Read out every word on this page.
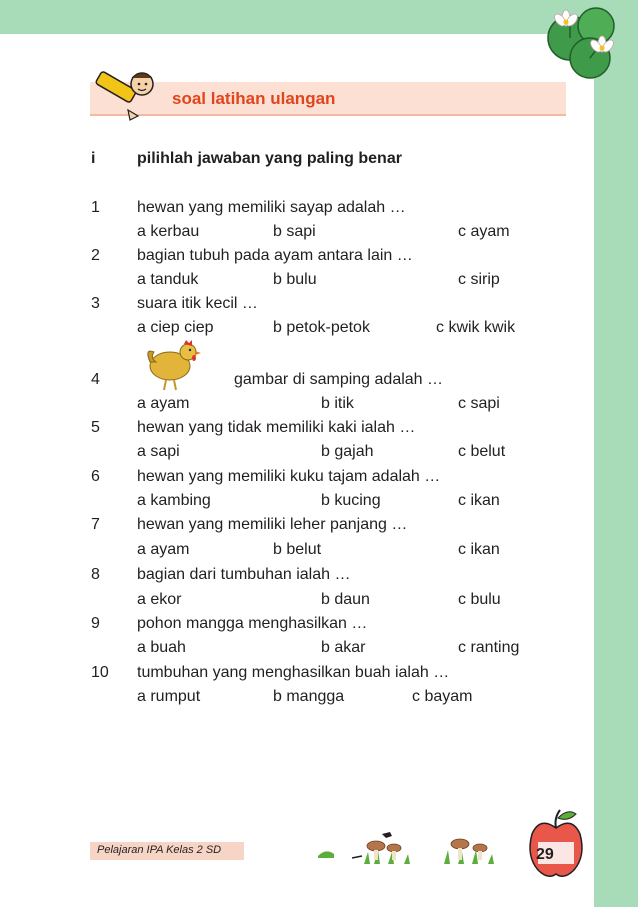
soal latihan ulangan
i	pilihlah jawaban yang paling benar
1 hewan yang memiliki sayap adalah …
a kerbau	b sapi	c ayam
2 bagian tubuh pada ayam antara lain …
a tanduk	b bulu	c sirip
3 suara itik kecil …
a ciep ciep	b petok-petok	c kwik kwik
4	gambar di samping adalah …
a ayam	b itik	c sapi
5 hewan yang tidak memiliki kaki ialah …
a sapi	b gajah	c belut
6 hewan yang memiliki kuku tajam adalah …
a kambing	b kucing	c ikan
7 hewan yang memiliki leher panjang …
a ayam	b belut	c ikan
8 bagian dari tumbuhan ialah …
a ekor	b daun	c bulu
9 pohon mangga menghasilkan …
a buah	b akar	c ranting
10 tumbuhan yang menghasilkan buah ialah …
a rumput	b mangga	c bayam
Pelajaran IPA Kelas 2 SD	29
